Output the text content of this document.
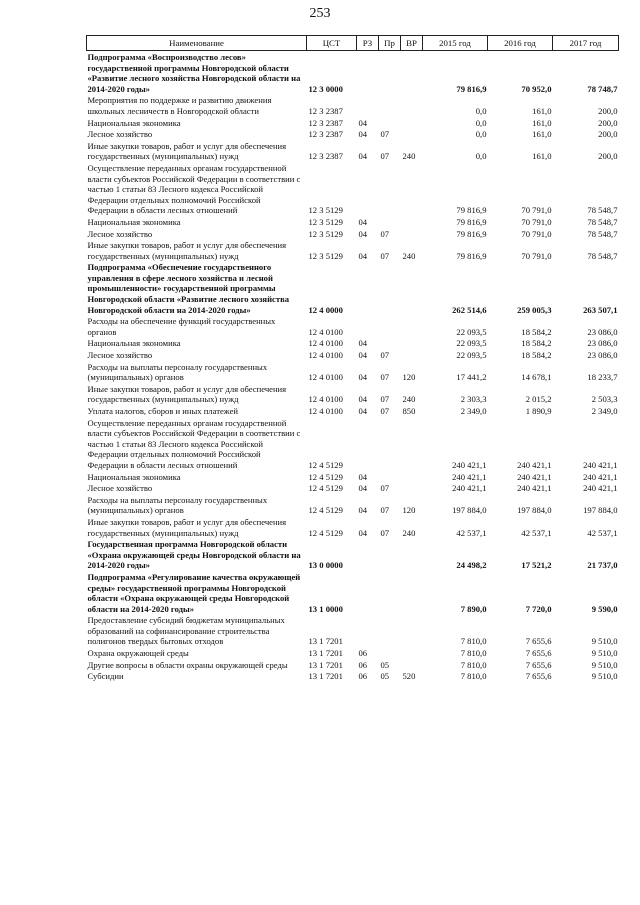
253
Наименование	ЦСТ	РЗ	Пр	ВР	2015 год	2016 год	2017 год
Подпрограмма «Воспроизводство лесов» государственной программы Новгородской области «Развитие лесного хозяйства Новгородской области на 2014-2020 годы»	12 3 0000				79 816,9	70 952,0	78 748,7
Мероприятия по поддержке и развитию движения школьных лесничеств в Новгородской области	12 3 2387				0,0	161,0	200,0
Национальная экономика	12 3 2387	04			0,0	161,0	200,0
Лесное хозяйство	12 3 2387	04	07		0,0	161,0	200,0
Иные закупки товаров, работ и услуг для обеспечения государственных (муниципальных) нужд	12 3 2387	04	07	240	0,0	161,0	200,0
Осуществление переданных органам государственной власти субъектов Российской Федерации в соответствии с частью 1 статьи 83 Лесного кодекса Российской Федерации отдельных полномочий Российской Федерации в области лесных отношений	12 3 5129				79 816,9	70 791,0	78 548,7
Национальная экономика	12 3 5129	04			79 816,9	70 791,0	78 548,7
Лесное хозяйство	12 3 5129	04	07		79 816,9	70 791,0	78 548,7
Иные закупки товаров, работ и услуг для обеспечения государственных (муниципальных) нужд	12 3 5129	04	07	240	79 816,9	70 791,0	78 548,7
Подпрограмма «Обеспечение государственного управления в сфере лесного хозяйства и лесной промышленности» государственной программы Новгородской области «Развитие лесного хозяйства Новгородской области на 2014-2020 годы»	12 4 0000				262 514,6	259 005,3	263 507,1
Расходы на обеспечение функций государственных органов	12 4 0100				22 093,5	18 584,2	23 086,0
Национальная экономика	12 4 0100	04			22 093,5	18 584,2	23 086,0
Лесное хозяйство	12 4 0100	04	07		22 093,5	18 584,2	23 086,0
Расходы на выплаты персоналу государственных (муниципальных) органов	12 4 0100	04	07	120	17 441,2	14 678,1	18 233,7
Иные закупки товаров, работ и услуг для обеспечения государственных (муниципальных) нужд	12 4 0100	04	07	240	2 303,3	2 015,2	2 503,3
Уплата налогов, сборов и иных платежей	12 4 0100	04	07	850	2 349,0	1 890,9	2 349,0
Осуществление переданных органам государственной власти субъектов Российской Федерации в соответствии с частью 1 статьи 83 Лесного кодекса Российской Федерации отдельных полномочий Российской Федерации в области лесных отношений	12 4 5129				240 421,1	240 421,1	240 421,1
Национальная экономика	12 4 5129	04			240 421,1	240 421,1	240 421,1
Лесное хозяйство	12 4 5129	04	07		240 421,1	240 421,1	240 421,1
Расходы на выплаты персоналу государственных (муниципальных) органов	12 4 5129	04	07	120	197 884,0	197 884,0	197 884,0
Иные закупки товаров, работ и услуг для обеспечения государственных (муниципальных) нужд	12 4 5129	04	07	240	42 537,1	42 537,1	42 537,1
Государственная программа Новгородской области «Охрана окружающей среды Новгородской области на 2014-2020 годы»	13 0 0000				24 498,2	17 521,2	21 737,0
Подпрограмма «Регулирование качества окружающей среды» государственной программы Новгородской области «Охрана окружающей среды Новгородской области на 2014-2020 годы»	13 1 0000				7 890,0	7 720,0	9 590,0
Предоставление субсидий бюджетам муниципальных образований на софинансирование строительства полигонов твердых бытовых отходов	13 1 7201				7 810,0	7 655,6	9 510,0
Охрана окружающей среды	13 1 7201	06			7 810,0	7 655,6	9 510,0
Другие вопросы в области охраны окружающей среды	13 1 7201	06	05		7 810,0	7 655,6	9 510,0
Субсидии	13 1 7201	06	05	520	7 810,0	7 655,6	9 510,0
